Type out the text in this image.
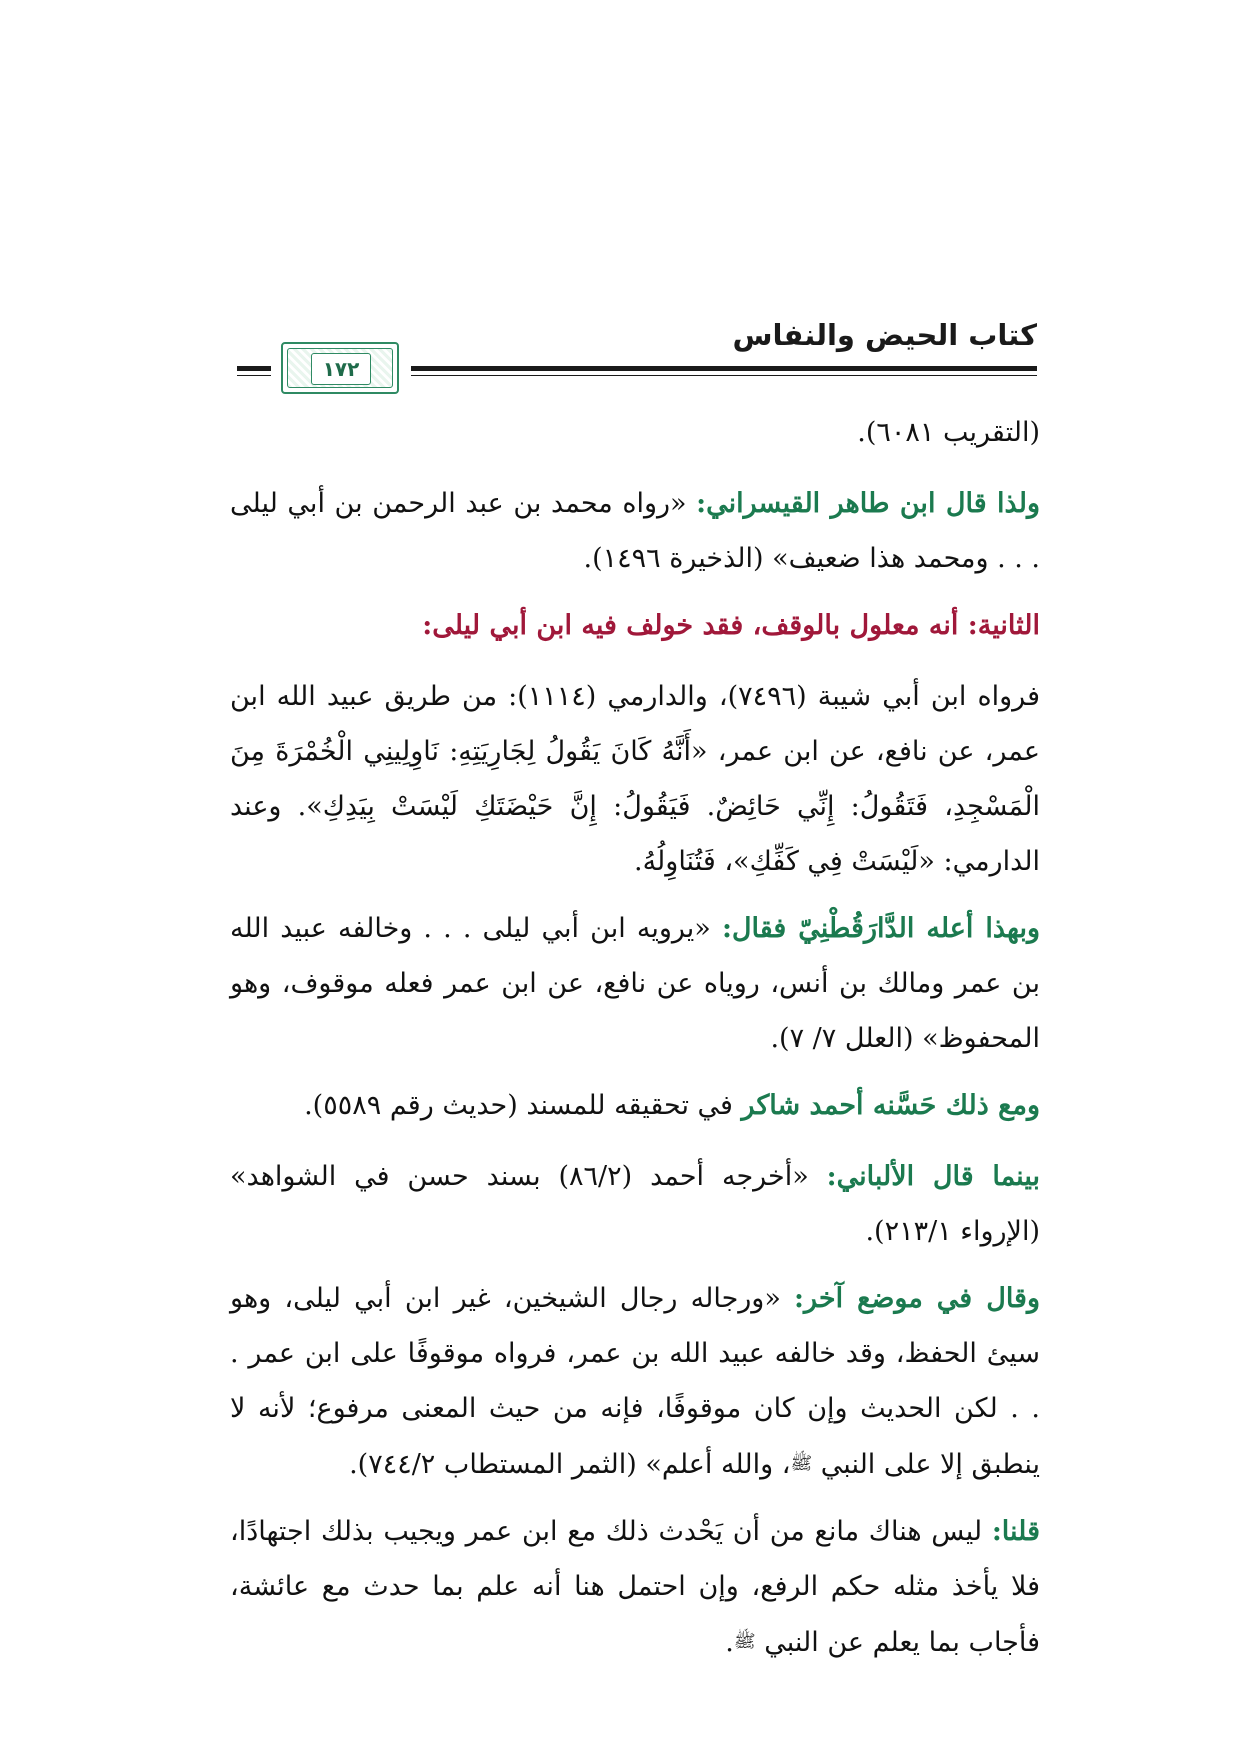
كتاب الحيض والنفاس
١٧٢

(التقريب ٦٠٨١).

ولذا قال ابن طاهر القيسراني: «رواه محمد بن عبد الرحمن بن أبي ليلى . . . ومحمد هذا ضعيف» (الذخيرة ١٤٩٦).

الثانية: أنه معلول بالوقف، فقد خولف فيه ابن أبي ليلى:

فرواه ابن أبي شيبة (٧٤٩٦)، والدارمي (١١١٤): من طريق عبيد الله ابن عمر، عن نافع، عن ابن عمر، «أَنَّهُ كَانَ يَقُولُ لِجَارِيَتِهِ: نَاوِلِينِي الْخُمْرَةَ مِنَ الْمَسْجِدِ، فَتَقُولُ: إِنِّي حَائِضٌ. فَيَقُولُ: إِنَّ حَيْضَتَكِ لَيْسَتْ بِيَدِكِ». وعند الدارمي: «لَيْسَتْ فِي كَفِّكِ»، فَتُنَاوِلُهُ.

وبهذا أعله الدَّارَقُطْنِيّ فقال: «يرويه ابن أبي ليلى . . . وخالفه عبيد الله بن عمر ومالك بن أنس، روياه عن نافع، عن ابن عمر فعله موقوف، وهو المحفوظ» (العلل ٧/ ٧).

ومع ذلك حَسَّنه أحمد شاكر في تحقيقه للمسند (حديث رقم ٥٥٨٩).

بينما قال الألباني: «أخرجه أحمد (٨٦/٢) بسند حسن في الشواهد» (الإرواء ٢١٣/١).

وقال في موضع آخر: «ورجاله رجال الشيخين، غير ابن أبي ليلى، وهو سيئ الحفظ، وقد خالفه عبيد الله بن عمر، فرواه موقوفًا على ابن عمر . . . لكن الحديث وإن كان موقوفًا، فإنه من حيث المعنى مرفوع؛ لأنه لا ينطبق إلا على النبي ﷺ، والله أعلم» (الثمر المستطاب ٧٤٤/٢).

قلنا: ليس هناك مانع من أن يَحْدث ذلك مع ابن عمر ويجيب بذلك اجتهادًا، فلا يأخذ مثله حكم الرفع، وإن احتمل هنا أنه علم بما حدث مع عائشة، فأجاب بما يعلم عن النبي ﷺ.
